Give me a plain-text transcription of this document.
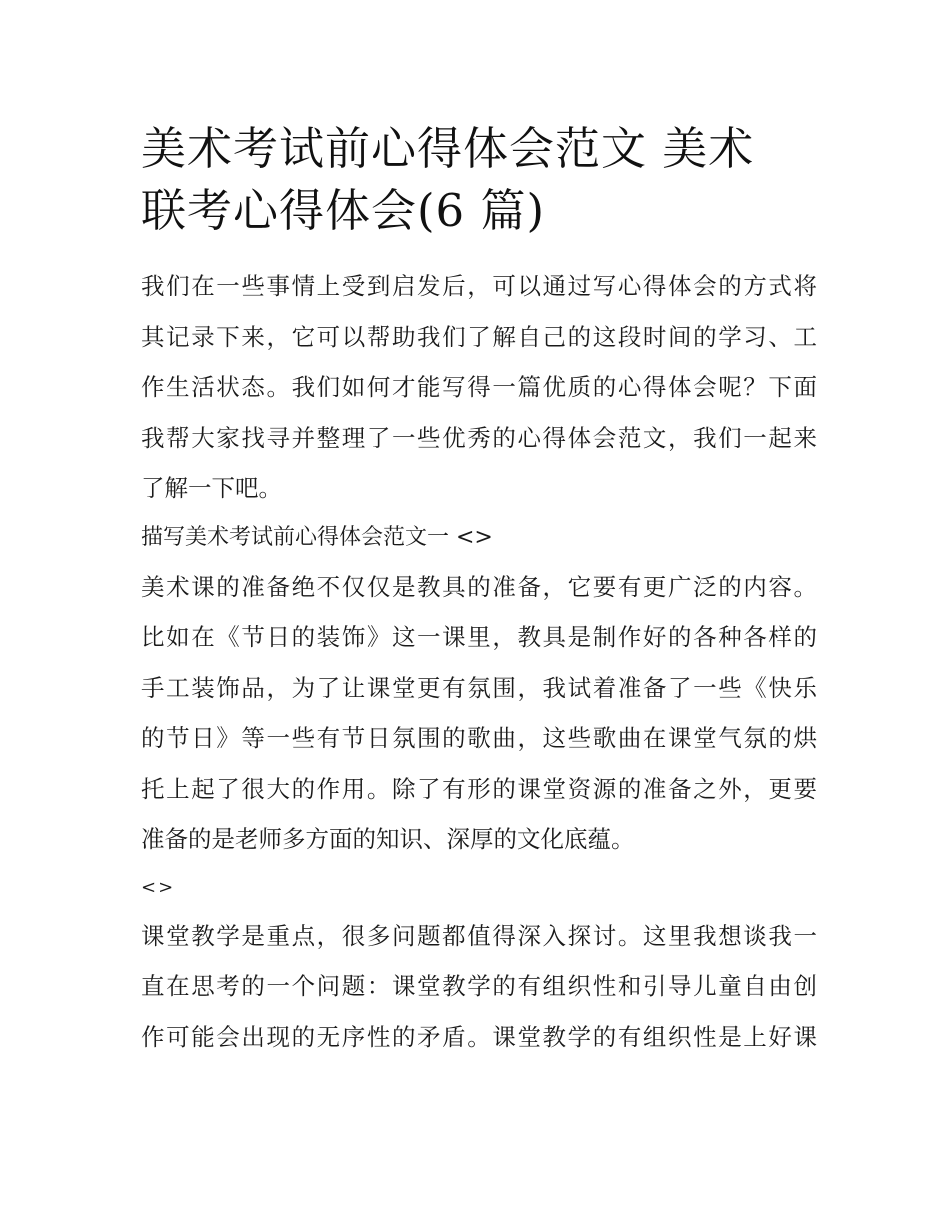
美术考试前心得体会范文 美术
联考心得体会(6 篇)

我们在一些事情上受到启发后，可以通过写心得体会的方式将
其记录下来，它可以帮助我们了解自己的这段时间的学习、工
作生活状态。我们如何才能写得一篇优质的心得体会呢？下面
我帮大家找寻并整理了一些优秀的心得体会范文，我们一起来
了解一下吧。

描写美术考试前心得体会范文一 <>

美术课的准备绝不仅仅是教具的准备，它要有更广泛的内容。
比如在《节日的装饰》这一课里，教具是制作好的各种各样的
手工装饰品，为了让课堂更有氛围，我试着准备了一些《快乐
的节日》等一些有节日氛围的歌曲，这些歌曲在课堂气氛的烘
托上起了很大的作用。除了有形的课堂资源的准备之外，更要
准备的是老师多方面的知识、深厚的文化底蕴。

<>

课堂教学是重点，很多问题都值得深入探讨。这里我想谈我一
直在思考的一个问题：课堂教学的有组织性和引导儿童自由创
作可能会出现的无序性的矛盾。课堂教学的有组织性是上好课
